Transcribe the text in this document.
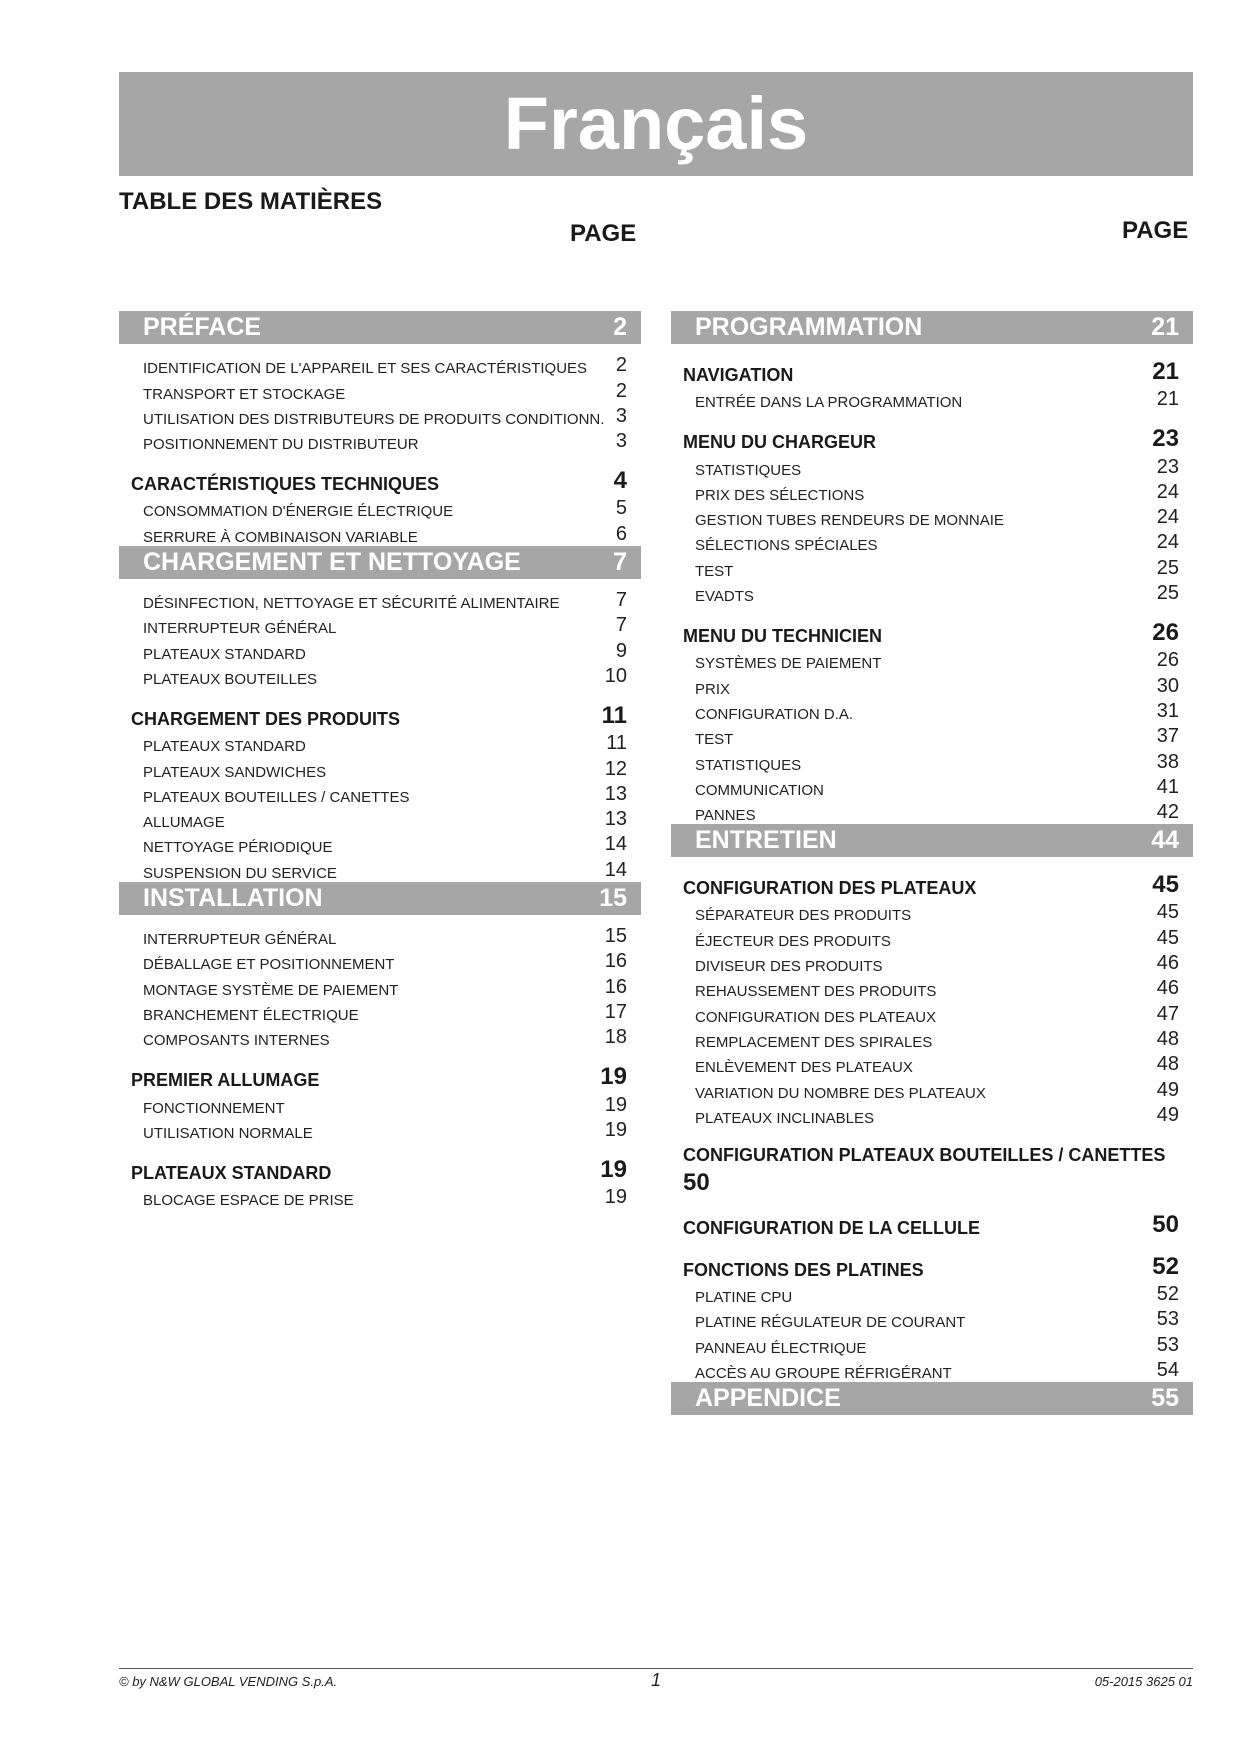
Français
TABLE DES MATIÈRES
PAGE	PAGE
PRÉFACE	2
IDENTIFICATION DE L'APPAREIL ET SES CARACTÉRISTIQUES 2
TRANSPORT ET STOCKAGE	2
UTILISATION DES DISTRIBUTEURS DE PRODUITS CONDITIONN. 3
POSITIONNEMENT DU DISTRIBUTEUR	3
CARACTÉRISTIQUES TECHNIQUES	4
CONSOMMATION D'ÉNERGIE ÉLECTRIQUE	5
SERRURE À COMBINAISON VARIABLE	6
CHARGEMENT ET NETTOYAGE	7
DÉSINFECTION, NETTOYAGE ET SÉCURITÉ ALIMENTAIRE	7
INTERRUPTEUR GÉNÉRAL	7
PLATEAUX STANDARD	9
PLATEAUX BOUTEILLES	10
CHARGEMENT DES PRODUITS	11
PLATEAUX STANDARD	11
PLATEAUX SANDWICHES	12
PLATEAUX BOUTEILLES / CANETTES	13
ALLUMAGE	13
NETTOYAGE PÉRIODIQUE	14
SUSPENSION DU SERVICE	14
INSTALLATION	15
INTERRUPTEUR GÉNÉRAL	15
DÉBALLAGE ET POSITIONNEMENT	16
MONTAGE SYSTÈME DE PAIEMENT	16
BRANCHEMENT ÉLECTRIQUE	17
COMPOSANTS INTERNES	18
PREMIER ALLUMAGE	19
FONCTIONNEMENT	19
UTILISATION NORMALE	19
PLATEAUX STANDARD	19
BLOCAGE ESPACE DE PRISE	19
PROGRAMMATION	21
NAVIGATION	21
ENTRÉE DANS LA PROGRAMMATION	21
MENU DU CHARGEUR	23
STATISTIQUES	23
PRIX DES SÉLECTIONS	24
GESTION TUBES RENDEURS DE MONNAIE	24
SÉLECTIONS SPÉCIALES	24
TEST	25
EVADTS	25
MENU DU TECHNICIEN	26
SYSTÈMES DE PAIEMENT	26
PRIX	30
CONFIGURATION D.A.	31
TEST	37
STATISTIQUES	38
COMMUNICATION	41
PANNES	42
ENTRETIEN	44
CONFIGURATION DES PLATEAUX	45
SÉPARATEUR DES PRODUITS	45
ÉJECTEUR DES PRODUITS	45
DIVISEUR DES PRODUITS	46
REHAUSSEMENT DES PRODUITS	46
CONFIGURATION DES PLATEAUX	47
REMPLACEMENT DES SPIRALES	48
ENLÈVEMENT DES PLATEAUX	48
VARIATION DU NOMBRE DES PLATEAUX	49
PLATEAUX INCLINABLES	49
CONFIGURATION PLATEAUX BOUTEILLES / CANETTES
50
CONFIGURATION DE LA CELLULE	50
FONCTIONS DES PLATINES	52
PLATINE CPU	52
PLATINE RÉGULATEUR DE COURANT	53
PANNEAU ÉLECTRIQUE	53
ACCÈS AU GROUPE RÉFRIGÉRANT	54
APPENDICE	55
© by N&W GLOBAL VENDING S.p.A.	1	05-2015 3625 01
